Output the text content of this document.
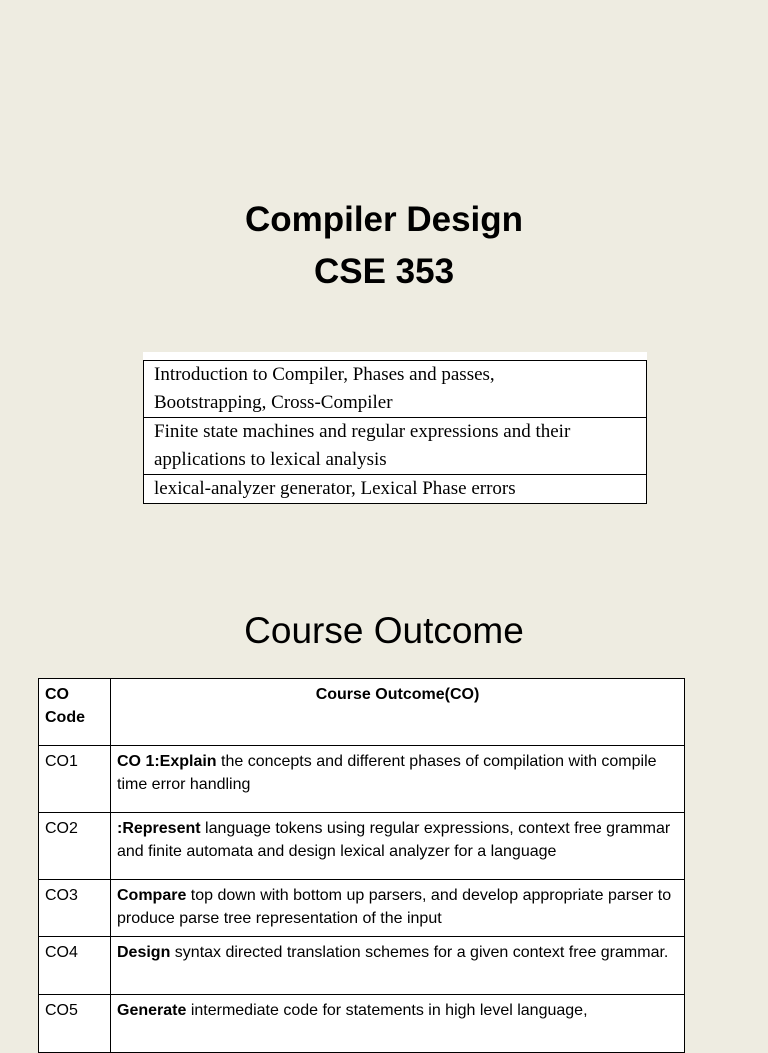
Compiler Design
CSE 353

Introduction to Compiler, Phases and passes,
Bootstrapping, Cross-Compiler

Finite state machines and regular expressions and their
applications to lexical analysis

lexical-analyzer generator, Lexical Phase errors
Course Outcome
CO Code	Course Outcome(CO)
CO1	CO 1:Explain the concepts and different phases of compilation with compile time error handling
CO2	:Represent language tokens using regular expressions, context free grammar and finite automata and design lexical analyzer for a language
CO3	Compare top down with bottom up parsers, and develop appropriate parser to produce parse tree representation of the input
CO4	Design syntax directed translation schemes for a given context free grammar.
CO5	Generate intermediate code for statements in high level language,
